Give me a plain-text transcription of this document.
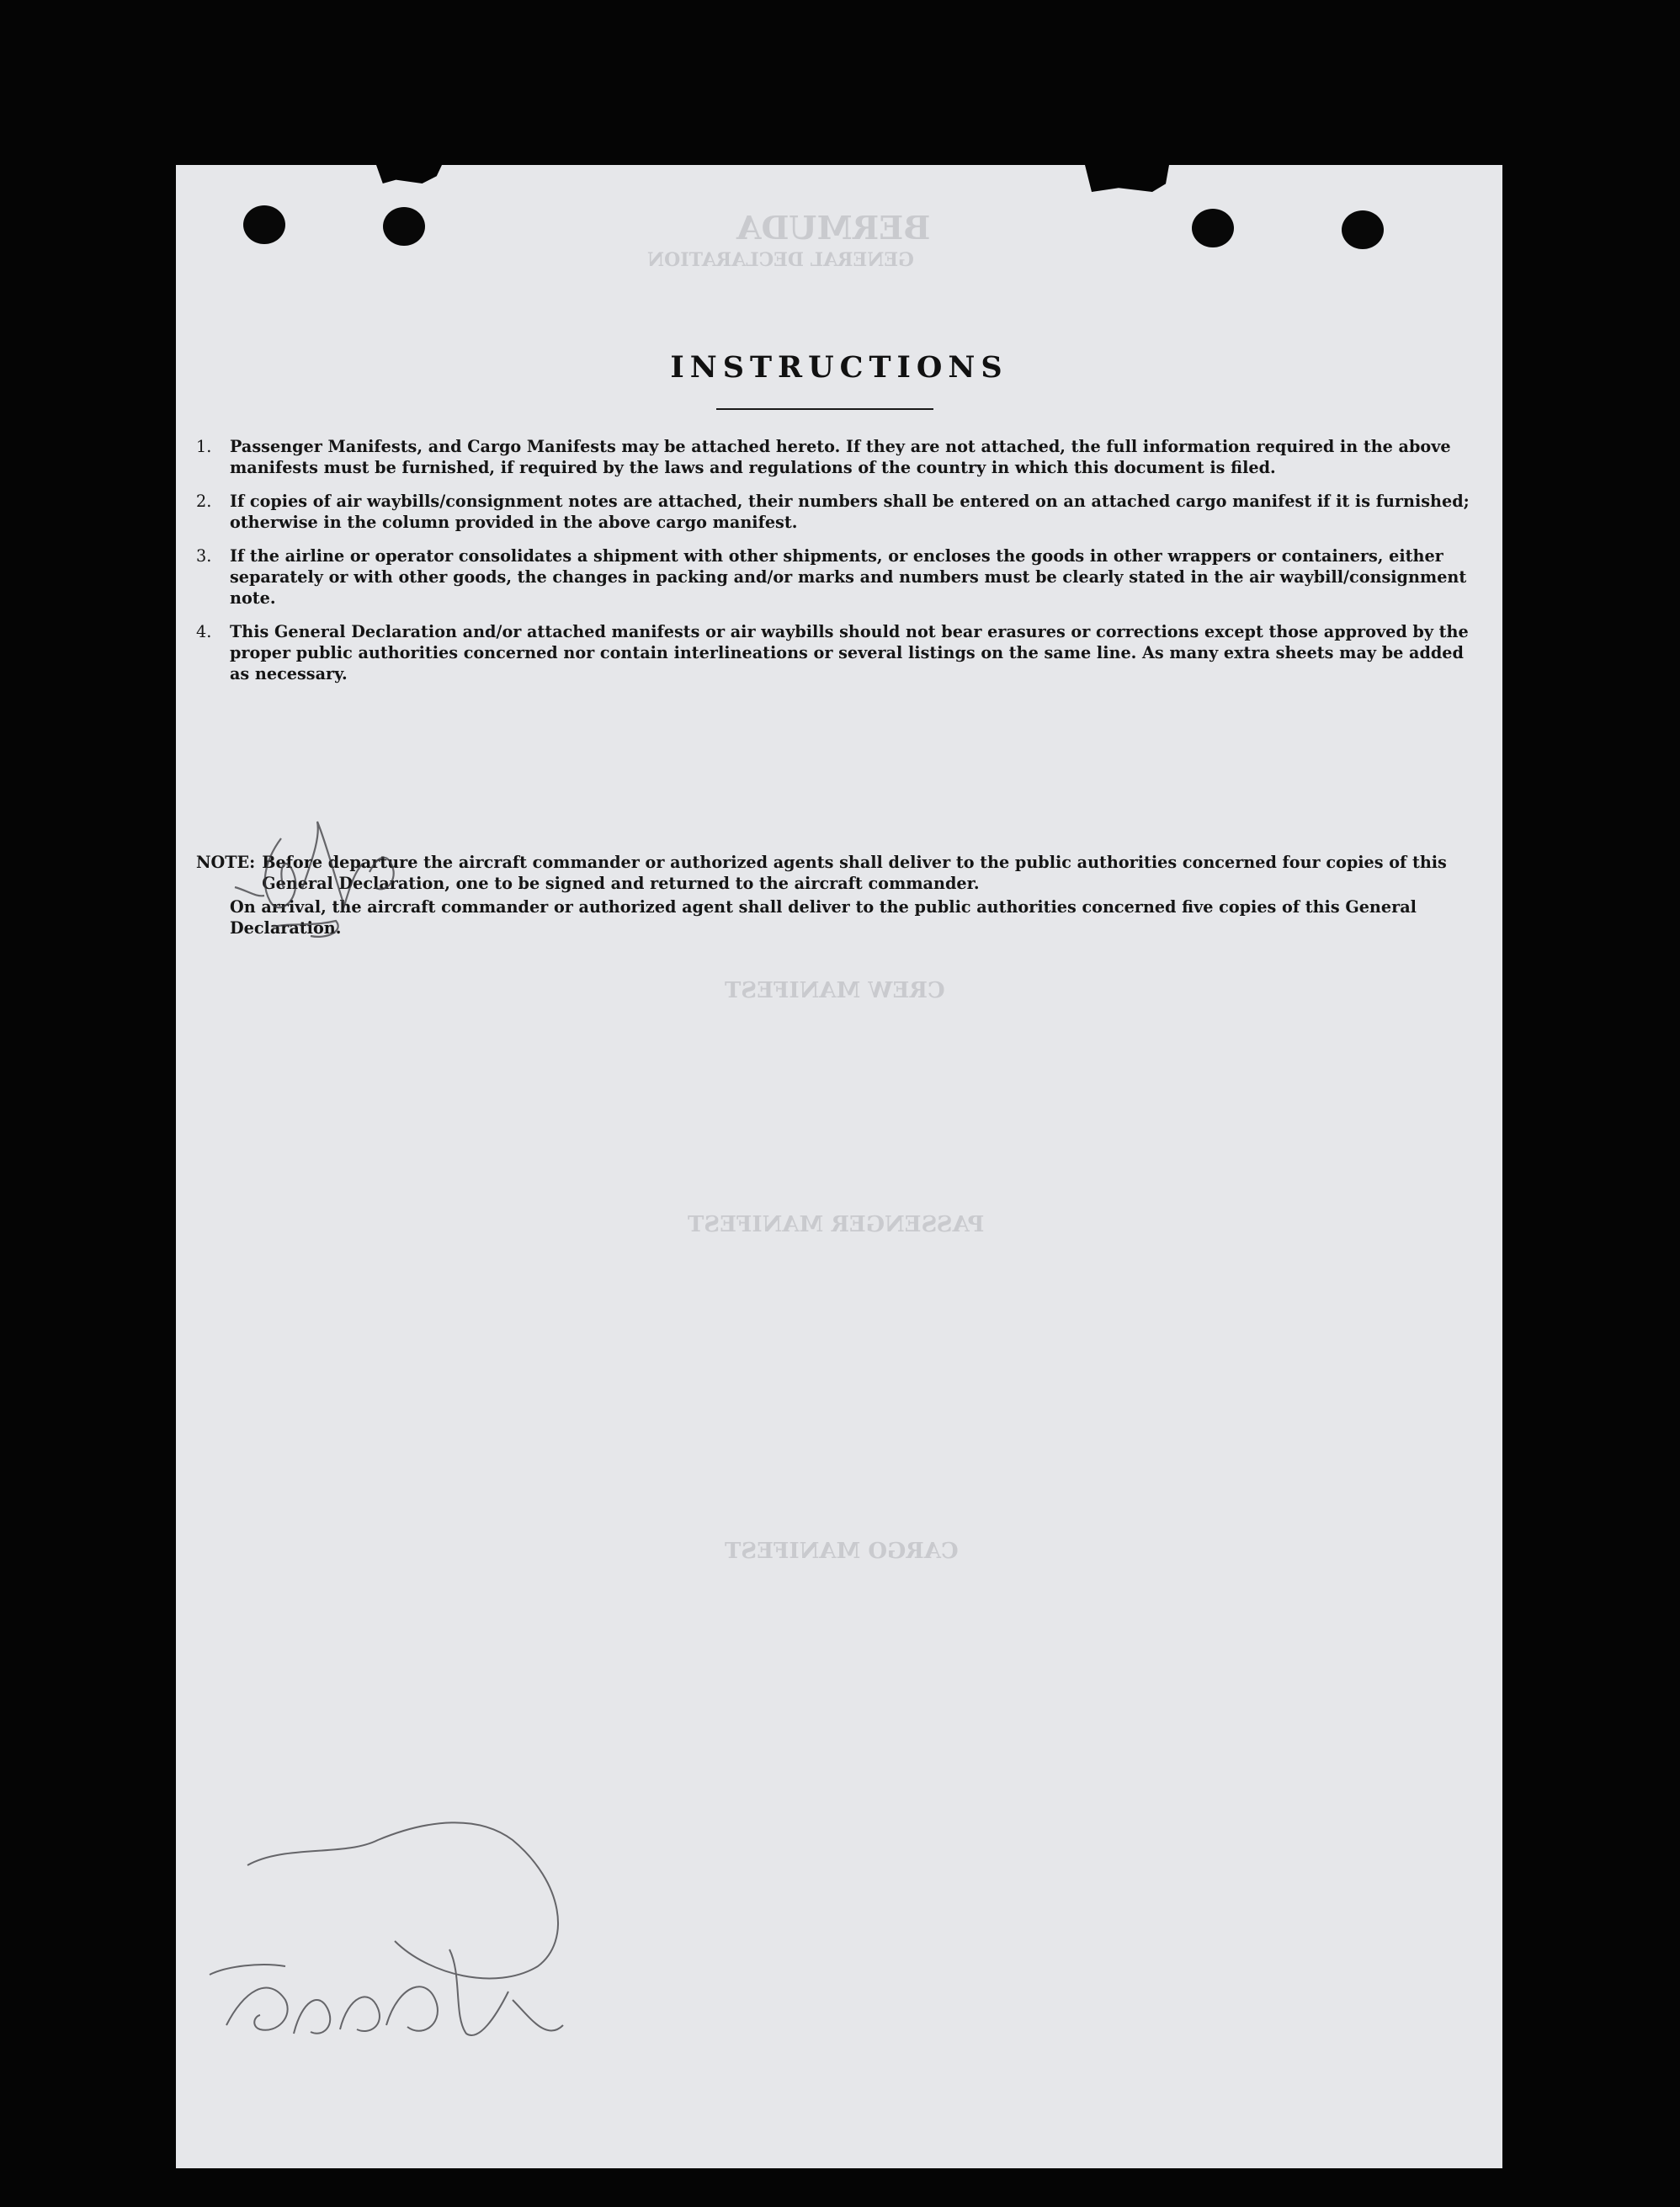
BERMUDA
GENERAL DECLARATION
CREW MANIFEST
PASSENGER MANIFEST
CARGO MANIFEST
INSTRUCTIONS
1.	Passenger Manifests, and Cargo Manifests may be attached hereto. If they are not attached, the full information required in the above manifests must be furnished, if required by the laws and regulations of the country in which this document is filed.
2.	If copies of air waybills/consignment notes are attached, their numbers shall be entered on an attached cargo manifest if it is furnished; otherwise in the column provided in the above cargo manifest.
3.	If the airline or operator consolidates a shipment with other shipments, or encloses the goods in other wrappers or containers, either separately or with other goods, the changes in packing and/or marks and numbers must be clearly stated in the air waybill/consignment note.
4.	This General Declaration and/or attached manifests or air waybills should not bear erasures or corrections except those approved by the proper public authorities concerned nor contain interlineations or several listings on the same line. As many extra sheets may be added as necessary.
NOTE: Before departure the aircraft commander or authorized agents shall deliver to the public authorities concerned four copies of this General Declaration, one to be signed and returned to the aircraft commander.
On arrival, the aircraft commander or authorized agent shall deliver to the public authorities concerned five copies of this General Declaration.
